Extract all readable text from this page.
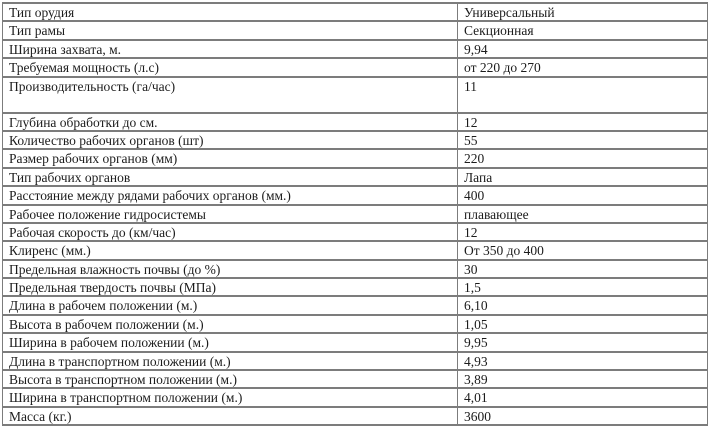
Тип орудия	Универсальный
Тип рамы	Секционная
Ширина захвата, м.	9,94
Требуемая мощность (л.с)	от 220 до 270
Производительность (га/час)	11
Глубина обработки до см.	12
Количество рабочих органов (шт)	55
Размер рабочих органов (мм)	220
Тип рабочих органов	Лапа
Расстояние между рядами рабочих органов (мм.)	400
Рабочее положение гидросистемы	плавающее
Рабочая скорость до (км/час)	12
Клиренс (мм.)	От 350 до 400
Предельная влажность почвы (до %)	30
Предельная твердость почвы (МПа)	1,5
Длина в рабочем положении (м.)	6,10
Высота в рабочем положении (м.)	1,05
Ширина в рабочем положении (м.)	9,95
Длина в транспортном положении (м.)	4,93
Высота в транспортном положении (м.)	3,89
Ширина в транспортном положении (м.)	4,01
Масса (кг.)	3600
